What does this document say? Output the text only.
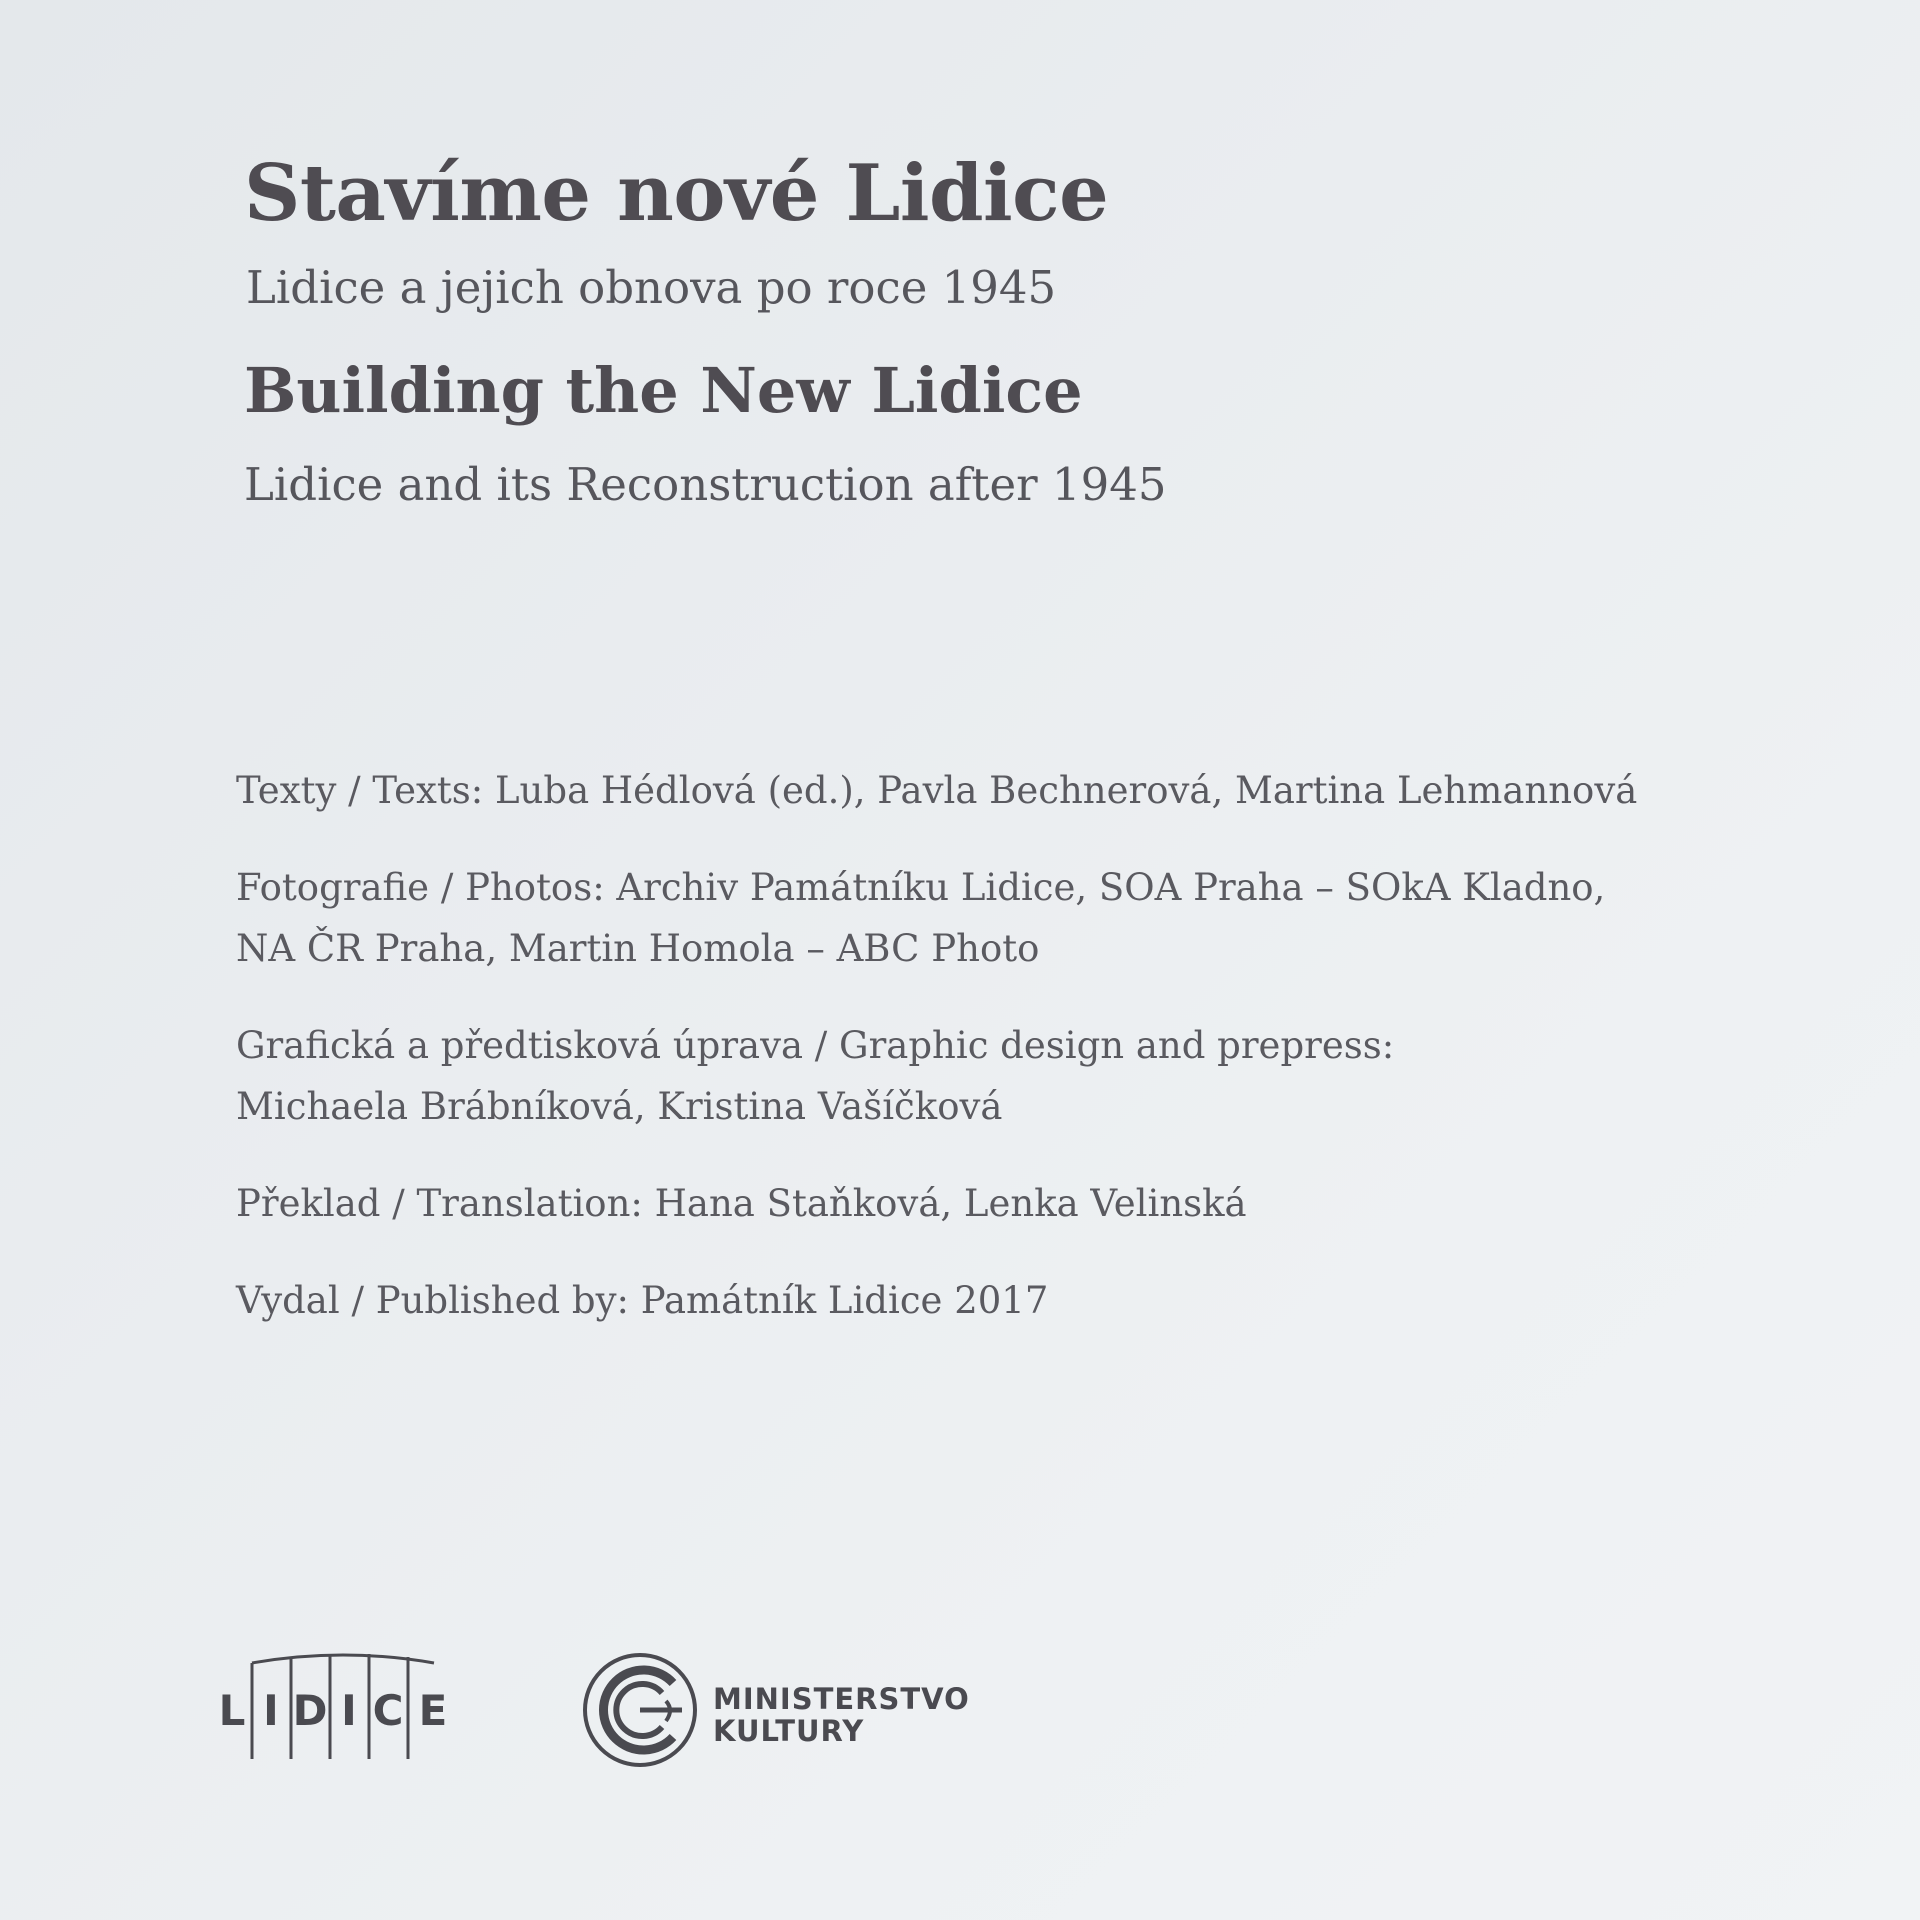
Stavíme nové Lidice
Lidice a jejich obnova po roce 1945
Building the New Lidice
Lidice and its Reconstruction after 1945

Texty / Texts: Luba Hédlová (ed.), Pavla Bechnerová, Martina Lehmannová

Fotografie / Photos: Archiv Památníku Lidice, SOA Praha – SOkA Kladno,
NA ČR Praha, Martin Homola – ABC Photo

Grafická a předtisková úprava / Graphic design and prepress:
Michaela Brábníková, Kristina Vašíčková

Překlad / Translation: Hana Staňková, Lenka Velinská

Vydal / Published by: Památník Lidice 2017

L I D I C E	MINISTERSTVO
KULTURY
